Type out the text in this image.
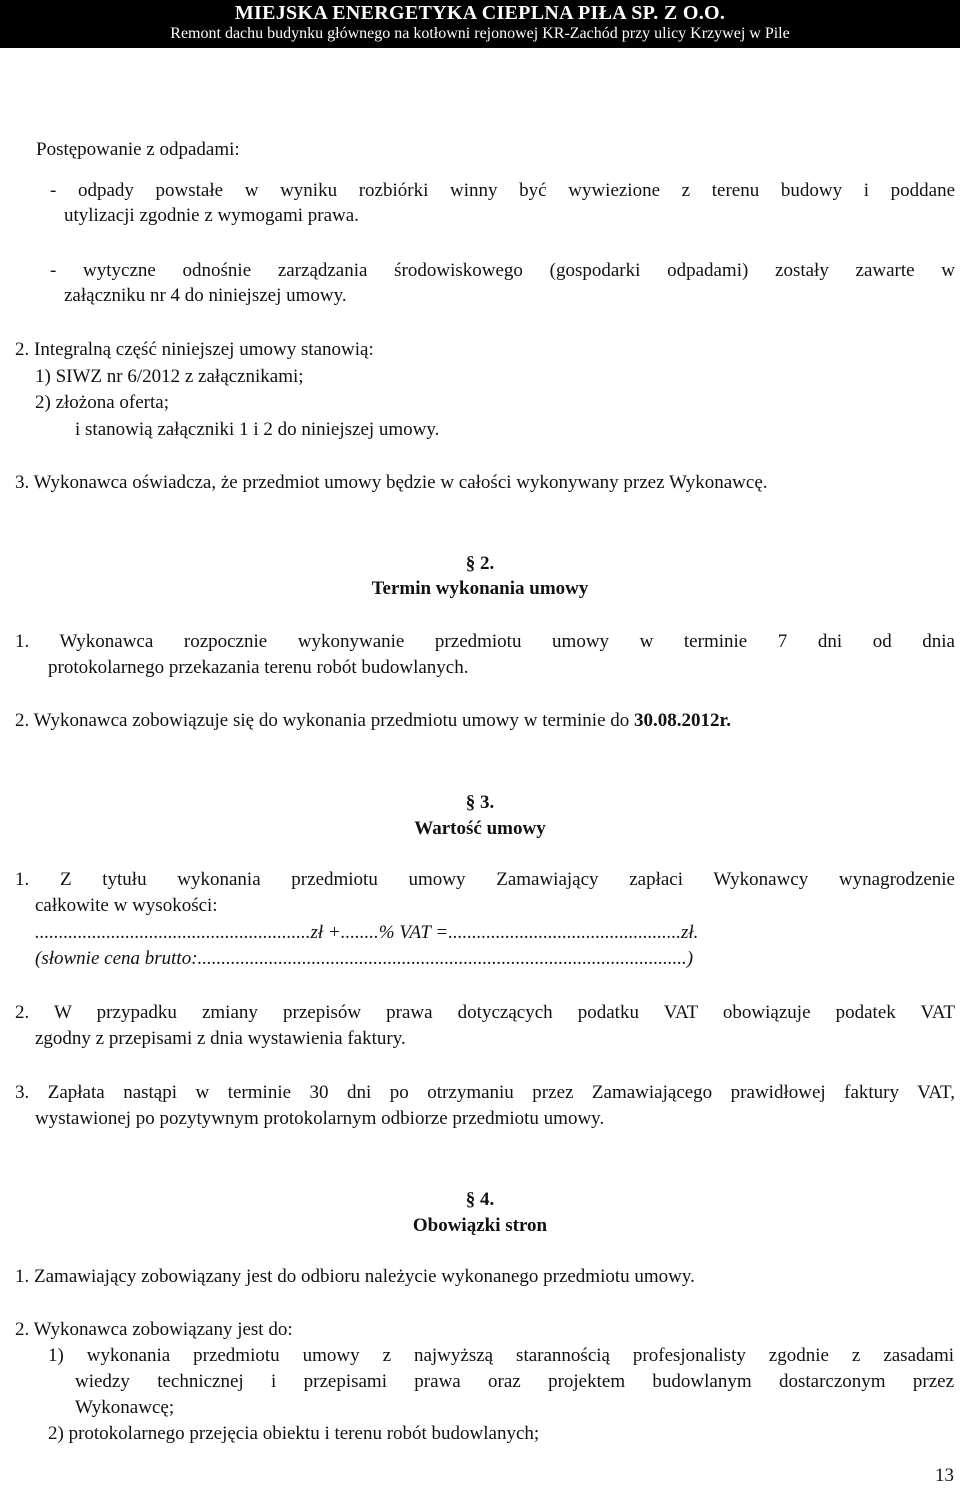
MIEJSKA ENERGETYKA CIEPLNA PIŁA SP. Z O.O.
Remont dachu budynku głównego na kotłowni rejonowej KR-Zachód przy ulicy Krzywej w Pile
Postępowanie z odpadami:
- odpady powstałe w wyniku rozbiórki winny być wywiezione z terenu budowy i poddane
utylizacji zgodnie z wymogami prawa.
- wytyczne odnośnie zarządzania środowiskowego (gospodarki odpadami) zostały zawarte w
załączniku nr 4 do niniejszej umowy.
2. Integralną część niniejszej umowy stanowią:
1) SIWZ nr 6/2012 z załącznikami;
2) złożona oferta;
i stanowią załączniki 1 i 2 do niniejszej umowy.
3. Wykonawca oświadcza, że przedmiot umowy będzie w całości wykonywany przez Wykonawcę.
§ 2.
Termin wykonania umowy
1. Wykonawca rozpocznie wykonywanie przedmiotu umowy w terminie 7 dni od dnia
protokolarnego przekazania terenu robót budowlanych.
2. Wykonawca zobowiązuje się do wykonania przedmiotu umowy w terminie do 30.08.2012r.
§ 3.
Wartość umowy
1. Z tytułu wykonania przedmiotu umowy Zamawiający zapłaci Wykonawcy wynagrodzenie
całkowite w wysokości:
..........................................................zł +........% VAT =.................................................zł.
(słownie cena brutto:.......................................................................................................)
2. W przypadku zmiany przepisów prawa dotyczących podatku VAT obowiązuje podatek VAT
zgodny z przepisami z dnia wystawienia faktury.
3. Zapłata nastąpi w terminie 30 dni po otrzymaniu przez Zamawiającego prawidłowej faktury VAT,
wystawionej po pozytywnym protokolarnym odbiorze przedmiotu umowy.
§ 4.
Obowiązki stron
1. Zamawiający zobowiązany jest do odbioru należycie wykonanego przedmiotu umowy.
2. Wykonawca zobowiązany jest do:
1) wykonania przedmiotu umowy z najwyższą starannością profesjonalisty zgodnie z zasadami
wiedzy technicznej i przepisami prawa oraz projektem budowlanym dostarczonym przez
Wykonawcę;
2) protokolarnego przejęcia obiektu i terenu robót budowlanych;
13
